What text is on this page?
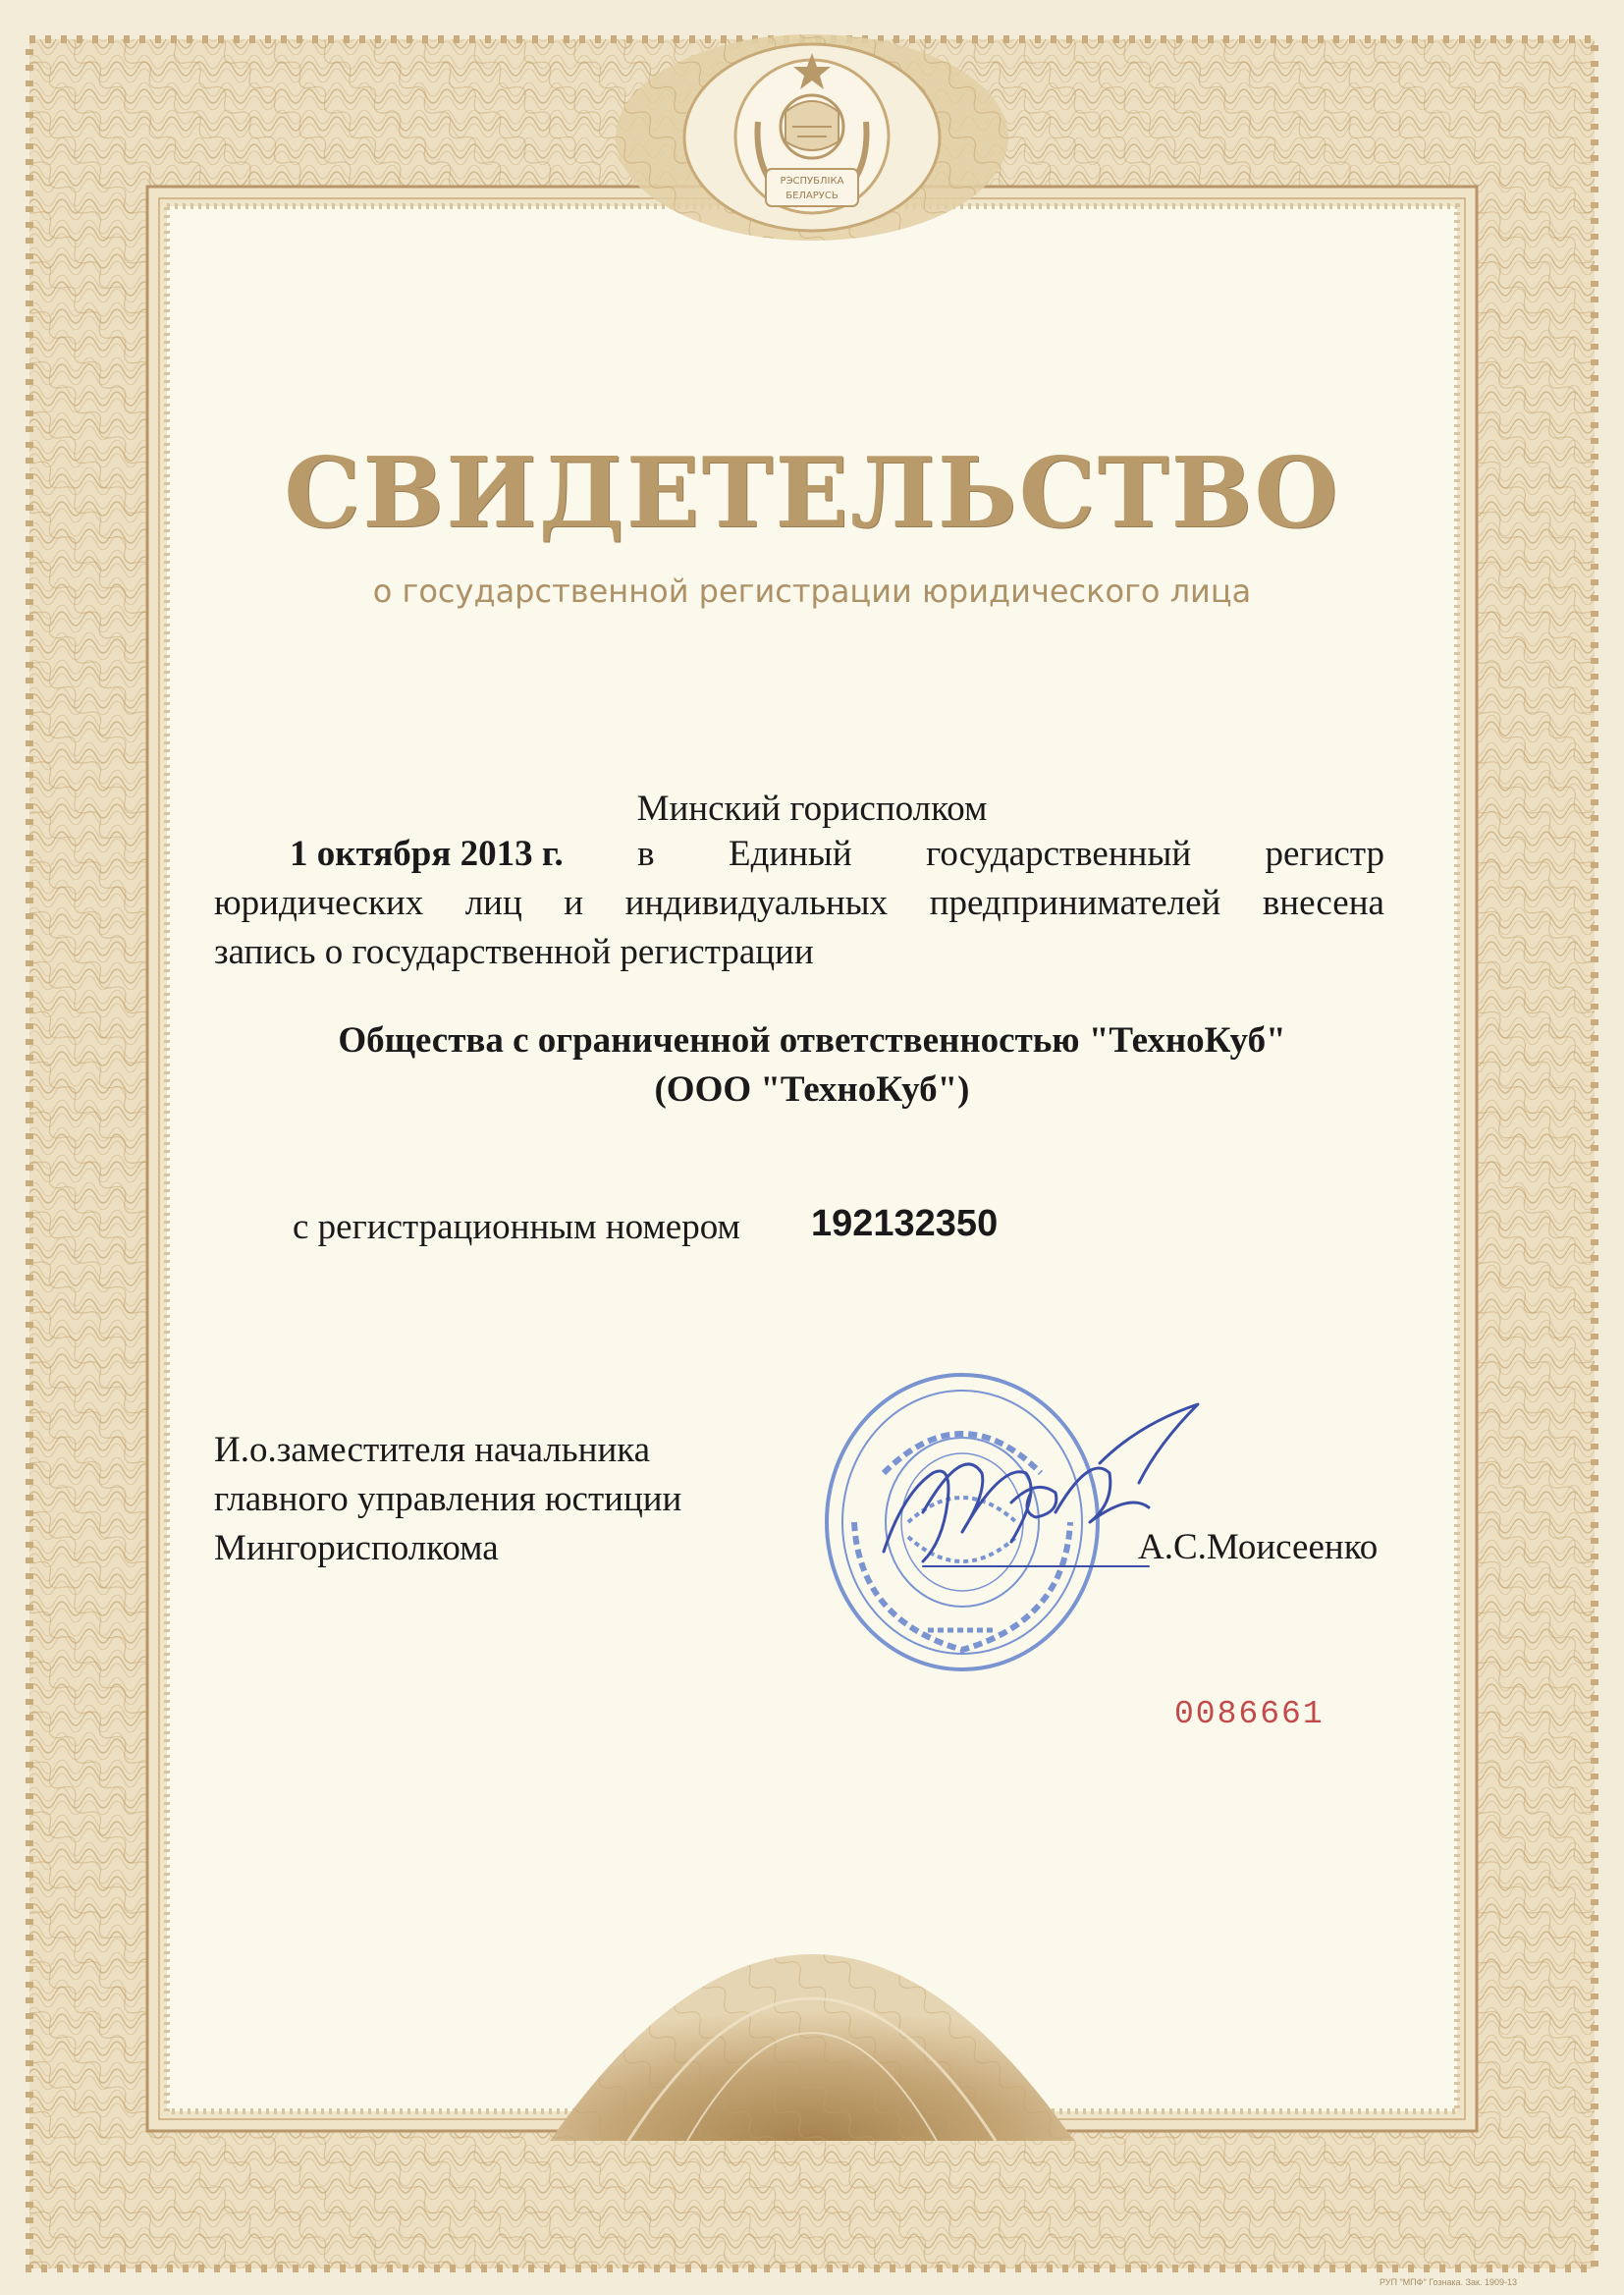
РЭСПУБЛІКА
БЕЛАРУСЬ
СВИДЕТЕЛЬСТВО
о государственной регистрации юридического лица
Минский горисполком
1 октября 2013 г. в Единый государственный регистр
юридических лиц и индивидуальных предпринимателей внесена
запись о государственной регистрации
Общества с ограниченной ответственностью "ТехноКуб"
(ООО "ТехноКуб")
с регистрационным номером 192132350
И.о.заместителя начальника
главного управления юстиции
Мингорисполкома	А.С.Моисеенко
0086661
РУП "МПФ" Гознака. Зак. 1909-13
